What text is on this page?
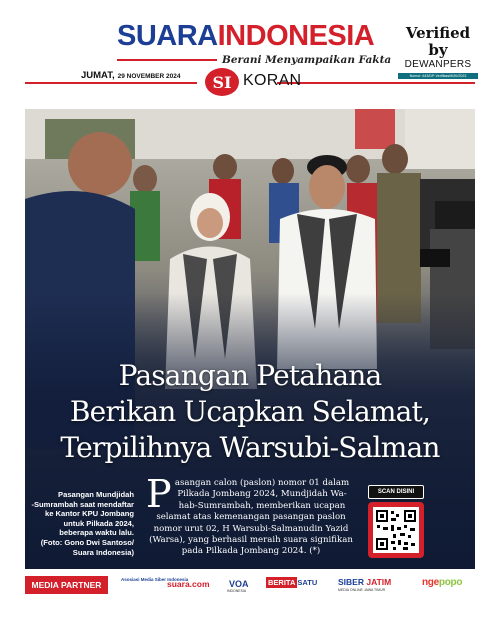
SUARAINDONESIA
Berani Menyampaikan Fakta
Verified by
DEWANPERS
Nomor: 643/DP-Verifikasi/K/III/2023
JUMAT, 29 NOVEMBER 2024 SI KORAN
Pasangan Petahana
Berikan Ucapkan Selamat,
Terpilihnya Warsubi-Salman
Pasangan Mundjidah
-Sumrambah saat mendaftar
ke Kantor KPU Jombang
untuk Pilkada 2024,
beberapa waktu lalu.
(Foto: Gono Dwi Santoso/
Suara Indonesia)
P asangan calon (paslon) nomor 01 dalam
Pilkada Jombang 2024, Mundjidah Wa-
hab-Sumrambah, memberikan ucapan
selamat atas kemenangan pasangan paslon
nomor urut 02, H Warsubi-Salmanudin Yazid
(Warsa), yang berhasil meraih suara signifikan
pada Pilkada Jombang 2024. (*)
SCAN DISINI
MEDIA PARTNER
Asosiasi Media Siber Indonesia
suara.com VOA
INDONESIA
BERITA SATU SIBER JATIM
MEDIA ONLINE JAWA TIMUR
ngepopo
